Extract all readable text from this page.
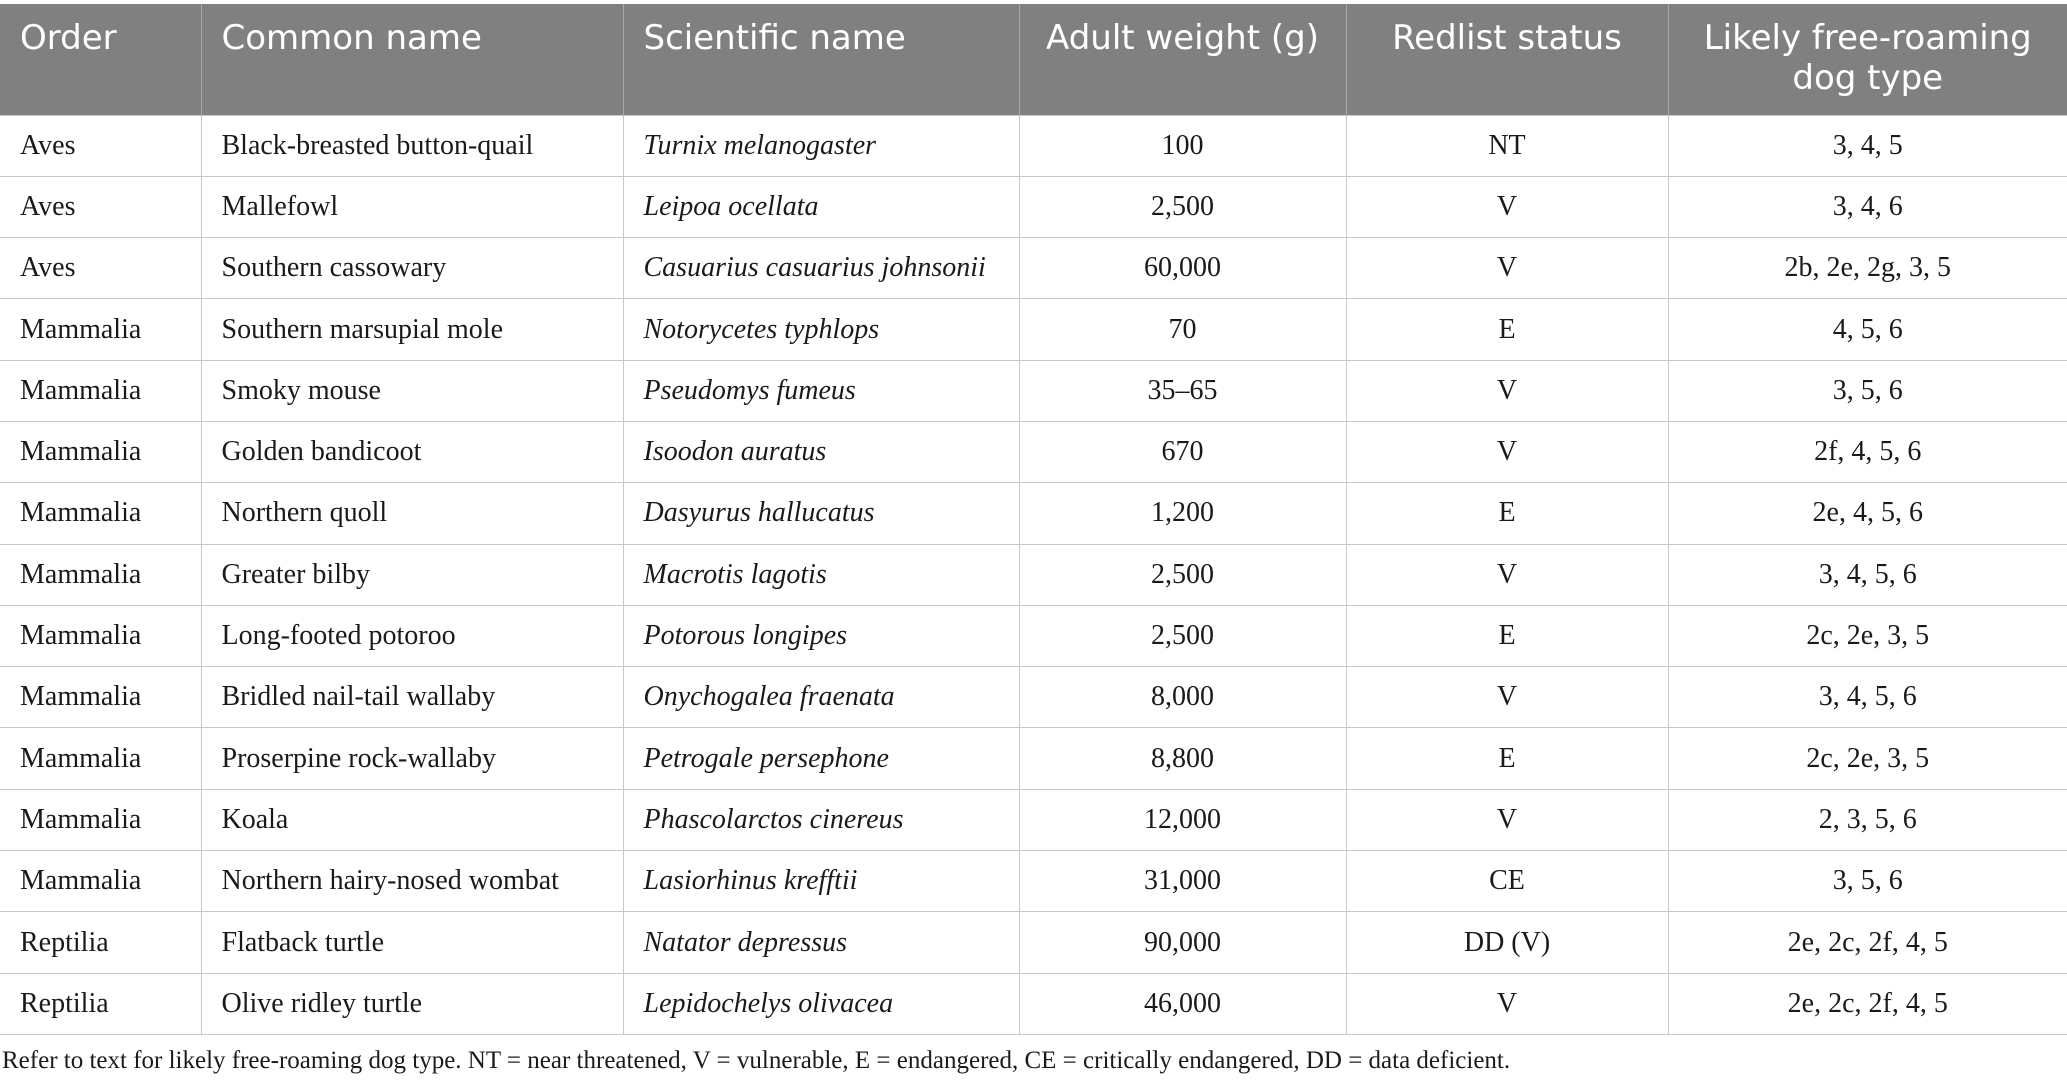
Order	Common name	Scientific name	Adult weight (g)	Redlist status	Likely free-roaming
dog type
Aves	Black-breasted button-quail	Turnix melanogaster	100	NT	3, 4, 5
Aves	Mallefowl	Leipoa ocellata	2,500	V	3, 4, 6
Aves	Southern cassowary	Casuarius casuarius johnsonii	60,000	V	2b, 2e, 2g, 3, 5
Mammalia	Southern marsupial mole	Notorycetes typhlops	70	E	4, 5, 6
Mammalia	Smoky mouse	Pseudomys fumeus	35–65	V	3, 5, 6
Mammalia	Golden bandicoot	Isoodon auratus	670	V	2f, 4, 5, 6
Mammalia	Northern quoll	Dasyurus hallucatus	1,200	E	2e, 4, 5, 6
Mammalia	Greater bilby	Macrotis lagotis	2,500	V	3, 4, 5, 6
Mammalia	Long-footed potoroo	Potorous longipes	2,500	E	2c, 2e, 3, 5
Mammalia	Bridled nail-tail wallaby	Onychogalea fraenata	8,000	V	3, 4, 5, 6
Mammalia	Proserpine rock-wallaby	Petrogale persephone	8,800	E	2c, 2e, 3, 5
Mammalia	Koala	Phascolarctos cinereus	12,000	V	2, 3, 5, 6
Mammalia	Northern hairy-nosed wombat	Lasiorhinus krefftii	31,000	CE	3, 5, 6
Reptilia	Flatback turtle	Natator depressus	90,000	DD (V)	2e, 2c, 2f, 4, 5
Reptilia	Olive ridley turtle	Lepidochelys olivacea	46,000	V	2e, 2c, 2f, 4, 5
Refer to text for likely free-roaming dog type. NT = near threatened, V = vulnerable, E = endangered, CE = critically endangered, DD = data deficient.
